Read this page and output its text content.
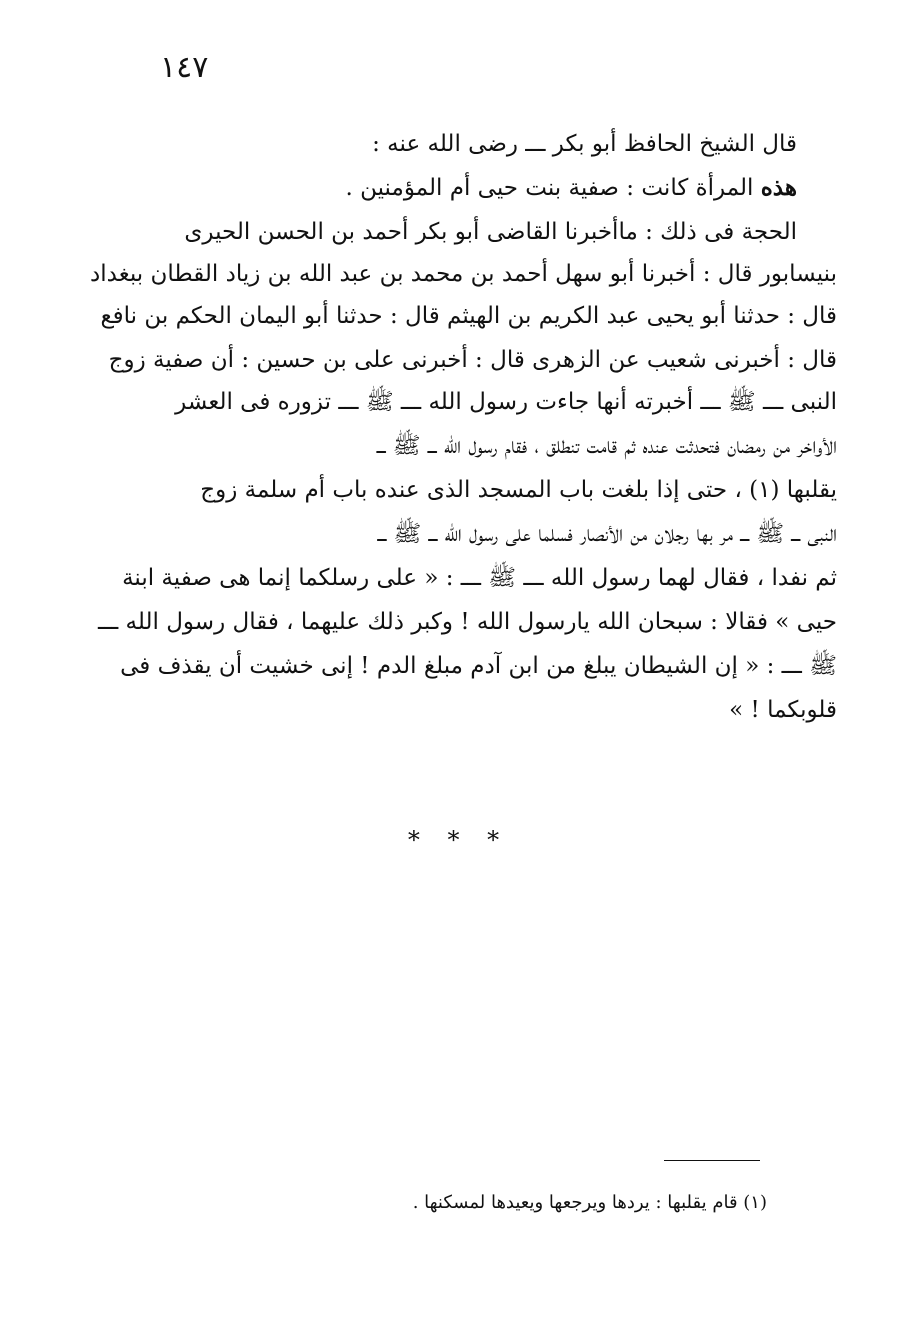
١٤٧
قال الشيخ الحافظ أبو بكر ـــ رضى الله عنه :
هذه المرأة كانت : صفية بنت حيى أم المؤمنين .
الحجة فى ذلك : ماأخبرنا القاضى أبو بكر أحمد بن الحسن الحيرى
بنيسابور قال : أخبرنا أبو سهل أحمد بن محمد بن عبد الله بن زياد القطان ببغداد
قال : حدثنا أبو يحيى عبد الكريم بن الهيثم قال : حدثنا أبو اليمان الحكم بن نافع
قال : أخبرنى شعيب عن الزهرى قال : أخبرنى على بن حسين : أن صفية زوج
النبى ـــ ﷺ ـــ أخبرته أنها جاءت رسول الله ـــ ﷺ ـــ تزوره فى العشر
الأواخر من رمضان فتحدثت عنده ثم قامت تنطلق ، فقام رسول الله ـــ ﷺ ـــ
يقلبها (١) ، حتى إذا بلغت باب المسجد الذى عنده باب أم سلمة زوج
النبى ـــ ﷺ ـــ مر بها رجلان من الأنصار فسلما على رسول الله ـــ ﷺ ـــ
ثم نفدا ، فقال لهما رسول الله ـــ ﷺ ـــ : « على رسلكما إنما هى صفية ابنة
حيى » فقالا : سبحان الله يارسول الله ! وكبر ذلك عليهما ، فقال رسول الله ـــ
ﷺ ـــ : « إن الشيطان يبلغ من ابن آدم مبلغ الدم ! إنى خشيت أن يقذف فى
قلوبكما ! »
* * *
(١) قام يقلبها : يردها ويرجعها ويعيدها لمسكنها .
